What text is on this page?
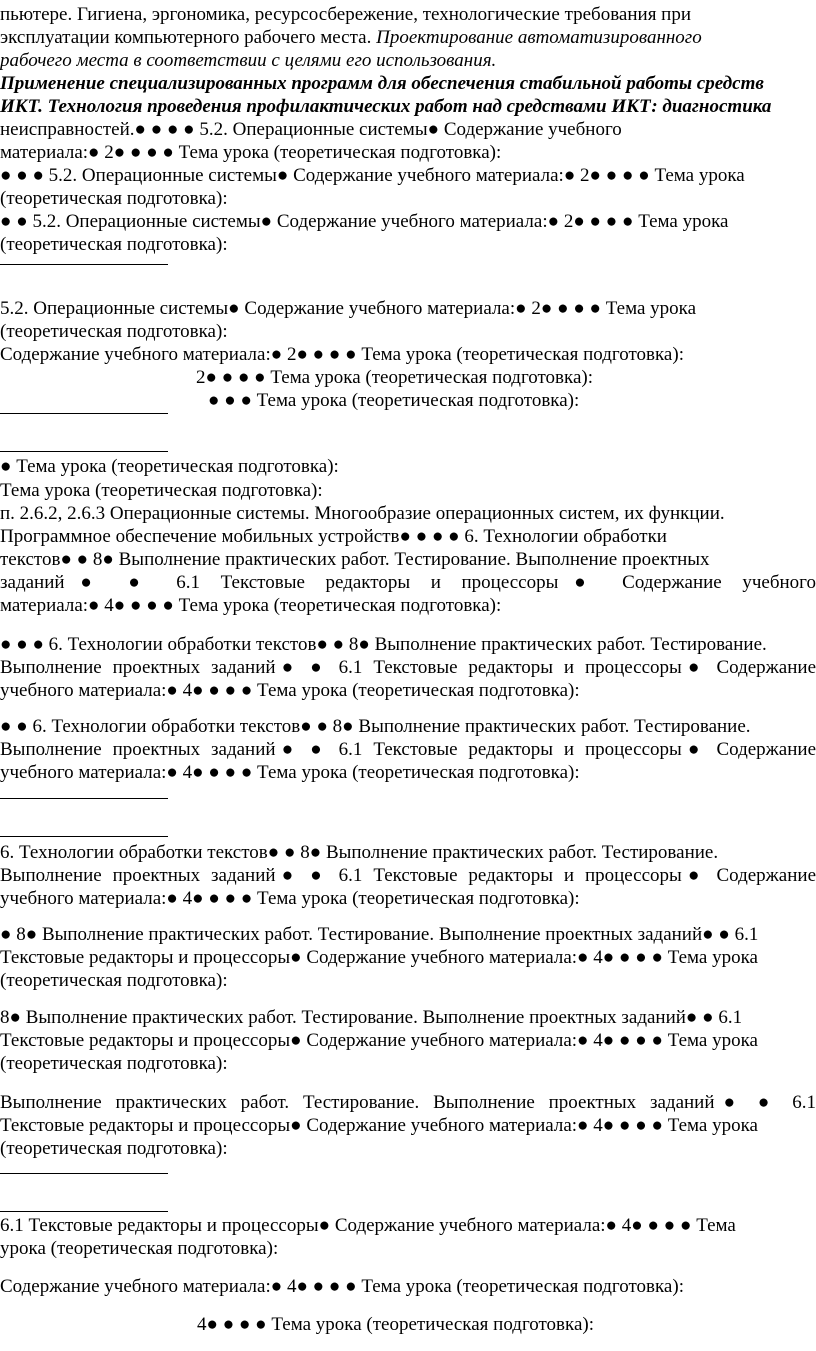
пьютере. Гигиена, эргономика, ресурсосбережение, технологические требования при
эксплуатации компьютерного рабочего места. Проектирование автоматизированного
рабочего места в соответствии с целями его использования.
Применение специализированных программ для обеспечения стабильной работы средств
ИКТ. Технология проведения профилактических работ над средствами ИКТ: диагностика
неисправностей.● ● ● ● 5.2. Операционные системы● Содержание учебного
материала:● 2● ● ● ● Тема урока (теоретическая подготовка):
● ● ● 5.2. Операционные системы● Содержание учебного материала:● 2● ● ● ● Тема урока
(теоретическая подготовка):
● ● 5.2. Операционные системы● Содержание учебного материала:● 2● ● ● ● Тема урока
(теоретическая подготовка):
5.2. Операционные системы● Содержание учебного материала:● 2● ● ● ● Тема урока
(теоретическая подготовка):
Содержание учебного материала:● 2● ● ● ● Тема урока (теоретическая подготовка):
2● ● ● ● Тема урока (теоретическая подготовка):
● ● ● Тема урока (теоретическая подготовка):
● Тема урока (теоретическая подготовка):
Тема урока (теоретическая подготовка):
п. 2.6.2, 2.6.3 Операционные системы. Многообразие операционных систем, их функции.
Программное обеспечение мобильных устройств● ● ● ● 6. Технологии обработки
текстов● ● 8● Выполнение практических работ. Тестирование. Выполнение проектных
заданий● ● 6.1 Текстовые редакторы и процессоры● Содержание учебного
материала:● 4● ● ● ● Тема урока (теоретическая подготовка):
● ● ● 6. Технологии обработки текстов● ● 8● Выполнение практических работ. Тестирование.
Выполнение проектных заданий● ● 6.1 Текстовые редакторы и процессоры● Содержание
учебного материала:● 4● ● ● ● Тема урока (теоретическая подготовка):
● ● 6. Технологии обработки текстов● ● 8● Выполнение практических работ. Тестирование.
Выполнение проектных заданий● ● 6.1 Текстовые редакторы и процессоры● Содержание
учебного материала:● 4● ● ● ● Тема урока (теоретическая подготовка):
6. Технологии обработки текстов● ● 8● Выполнение практических работ. Тестирование.
Выполнение проектных заданий● ● 6.1 Текстовые редакторы и процессоры● Содержание
учебного материала:● 4● ● ● ● Тема урока (теоретическая подготовка):
● 8● Выполнение практических работ. Тестирование. Выполнение проектных заданий● ● 6.1
Текстовые редакторы и процессоры● Содержание учебного материала:● 4● ● ● ● Тема урока
(теоретическая подготовка):
8● Выполнение практических работ. Тестирование. Выполнение проектных заданий● ● 6.1
Текстовые редакторы и процессоры● Содержание учебного материала:● 4● ● ● ● Тема урока
(теоретическая подготовка):
Выполнение практических работ. Тестирование. Выполнение проектных заданий● ● 6.1
Текстовые редакторы и процессоры● Содержание учебного материала:● 4● ● ● ● Тема урока
(теоретическая подготовка):
6.1 Текстовые редакторы и процессоры● Содержание учебного материала:● 4● ● ● ● Тема
урока (теоретическая подготовка):
Содержание учебного материала:● 4● ● ● ● Тема урока (теоретическая подготовка):
4● ● ● ● Тема урока (теоретическая подготовка):
